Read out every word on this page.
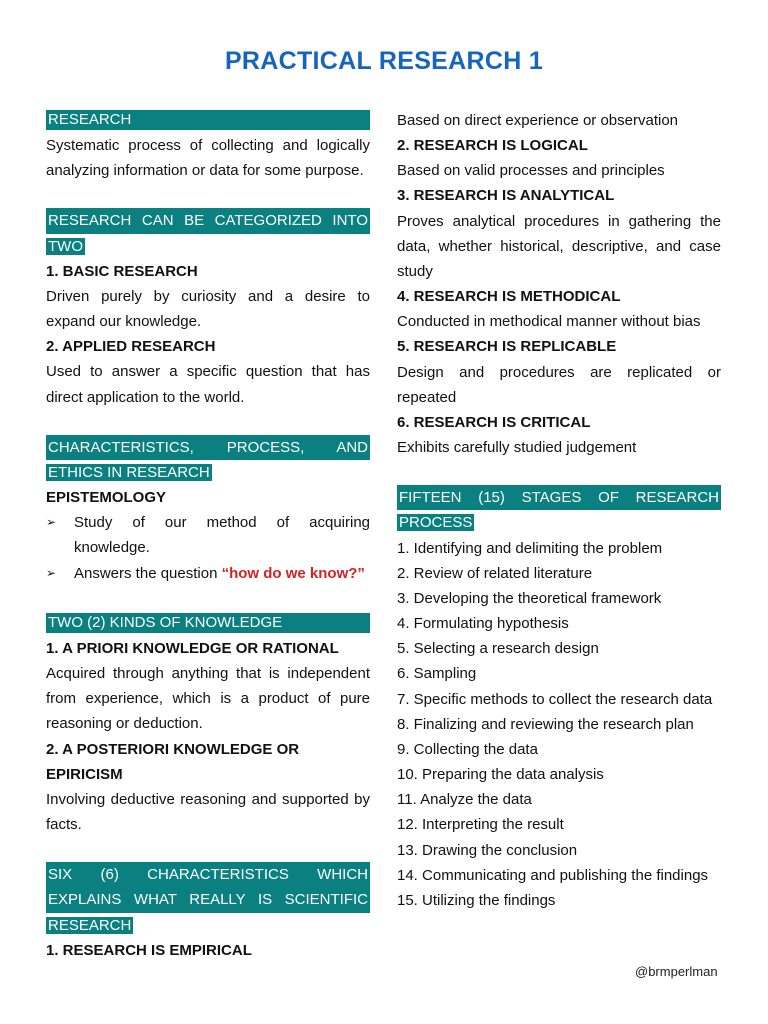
PRACTICAL RESEARCH 1
RESEARCH

Systematic process of collecting and logically analyzing information or data for some purpose.

RESEARCH CAN BE CATEGORIZED INTO

TWO

1. BASIC RESEARCH

Driven purely by curiosity and a desire to expand our knowledge.

2. APPLIED RESEARCH

Used to answer a specific question that has direct application to the world.

CHARACTERISTICS, PROCESS, AND

ETHICS IN RESEARCH

EPISTEMOLOGY

➢ Study of our method of acquiring knowledge.
➢ Answers the question “how do we know?”
TWO (2) KINDS OF KNOWLEDGE

1. A PRIORI KNOWLEDGE OR RATIONAL

Acquired through anything that is independent from experience, which is a product of pure reasoning or deduction.

2. A POSTERIORI KNOWLEDGE OR

EPIRICISM

Involving deductive reasoning and supported by facts.

SIX (6) CHARACTERISTICS WHICH

EXPLAINS WHAT REALLY IS SCIENTIFIC

RESEARCH

1. RESEARCH IS EMPIRICAL

Based on direct experience or observation

2. RESEARCH IS LOGICAL

Based on valid processes and principles

3. RESEARCH IS ANALYTICAL

Proves analytical procedures in gathering the data, whether historical, descriptive, and case study

4. RESEARCH IS METHODICAL

Conducted in methodical manner without bias

5. RESEARCH IS REPLICABLE

Design and procedures are replicated or repeated

6. RESEARCH IS CRITICAL

Exhibits carefully studied judgement

FIFTEEN (15) STAGES OF RESEARCH

PROCESS

1. Identifying and delimiting the problem

2. Review of related literature

3. Developing the theoretical framework

4. Formulating hypothesis

5. Selecting a research design

6. Sampling

7. Specific methods to collect the research data

8. Finalizing and reviewing the research plan

9. Collecting the data

10. Preparing the data analysis

11. Analyze the data

12. Interpreting the result

13. Drawing the conclusion

14. Communicating and publishing the findings

15. Utilizing the findings

@brmperlman
